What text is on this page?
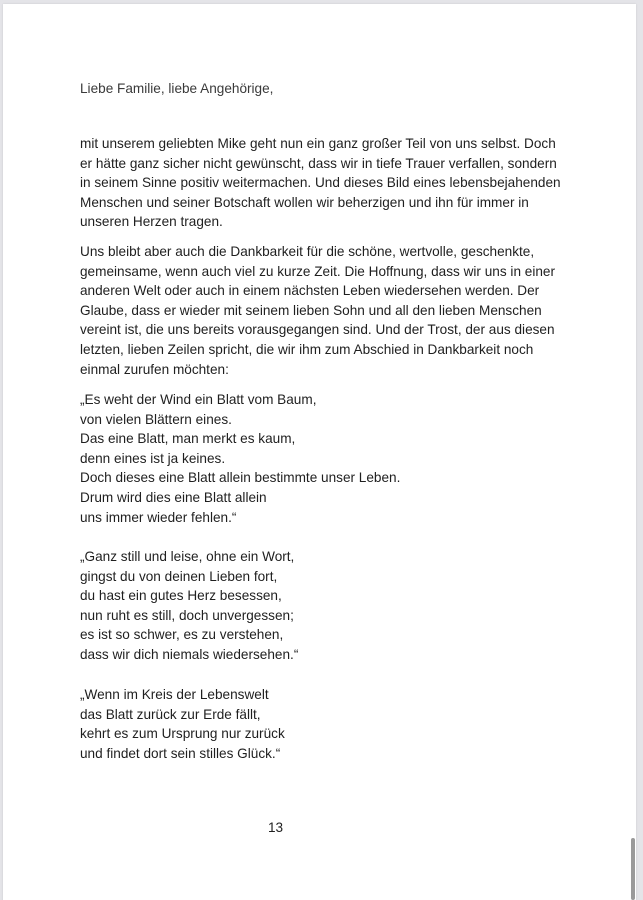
Liebe Familie, liebe Angehörige,

mit unserem geliebten Mike geht nun ein ganz großer Teil von uns selbst. Doch
er hätte ganz sicher nicht gewünscht, dass wir in tiefe Trauer verfallen, sondern
in seinem Sinne positiv weitermachen. Und dieses Bild eines lebensbejahenden
Menschen und seiner Botschaft wollen wir beherzigen und ihn für immer in
unseren Herzen tragen.

Uns bleibt aber auch die Dankbarkeit für die schöne, wertvolle, geschenkte,
gemeinsame, wenn auch viel zu kurze Zeit. Die Hoffnung, dass wir uns in einer
anderen Welt oder auch in einem nächsten Leben wiedersehen werden. Der
Glaube, dass er wieder mit seinem lieben Sohn und all den lieben Menschen
vereint ist, die uns bereits vorausgegangen sind. Und der Trost, der aus diesen
letzten, lieben Zeilen spricht, die wir ihm zum Abschied in Dankbarkeit noch
einmal zurufen möchten:

„Es weht der Wind ein Blatt vom Baum,
von vielen Blättern eines.
Das eine Blatt, man merkt es kaum,
denn eines ist ja keines.
Doch dieses eine Blatt allein bestimmte unser Leben.
Drum wird dies eine Blatt allein
uns immer wieder fehlen.“

„Ganz still und leise, ohne ein Wort,
gingst du von deinen Lieben fort,
du hast ein gutes Herz besessen,
nun ruht es still, doch unvergessen;
es ist so schwer, es zu verstehen,
dass wir dich niemals wiedersehen.“

„Wenn im Kreis der Lebenswelt
das Blatt zurück zur Erde fällt,
kehrt es zum Ursprung nur zurück
und findet dort sein stilles Glück.“

13
